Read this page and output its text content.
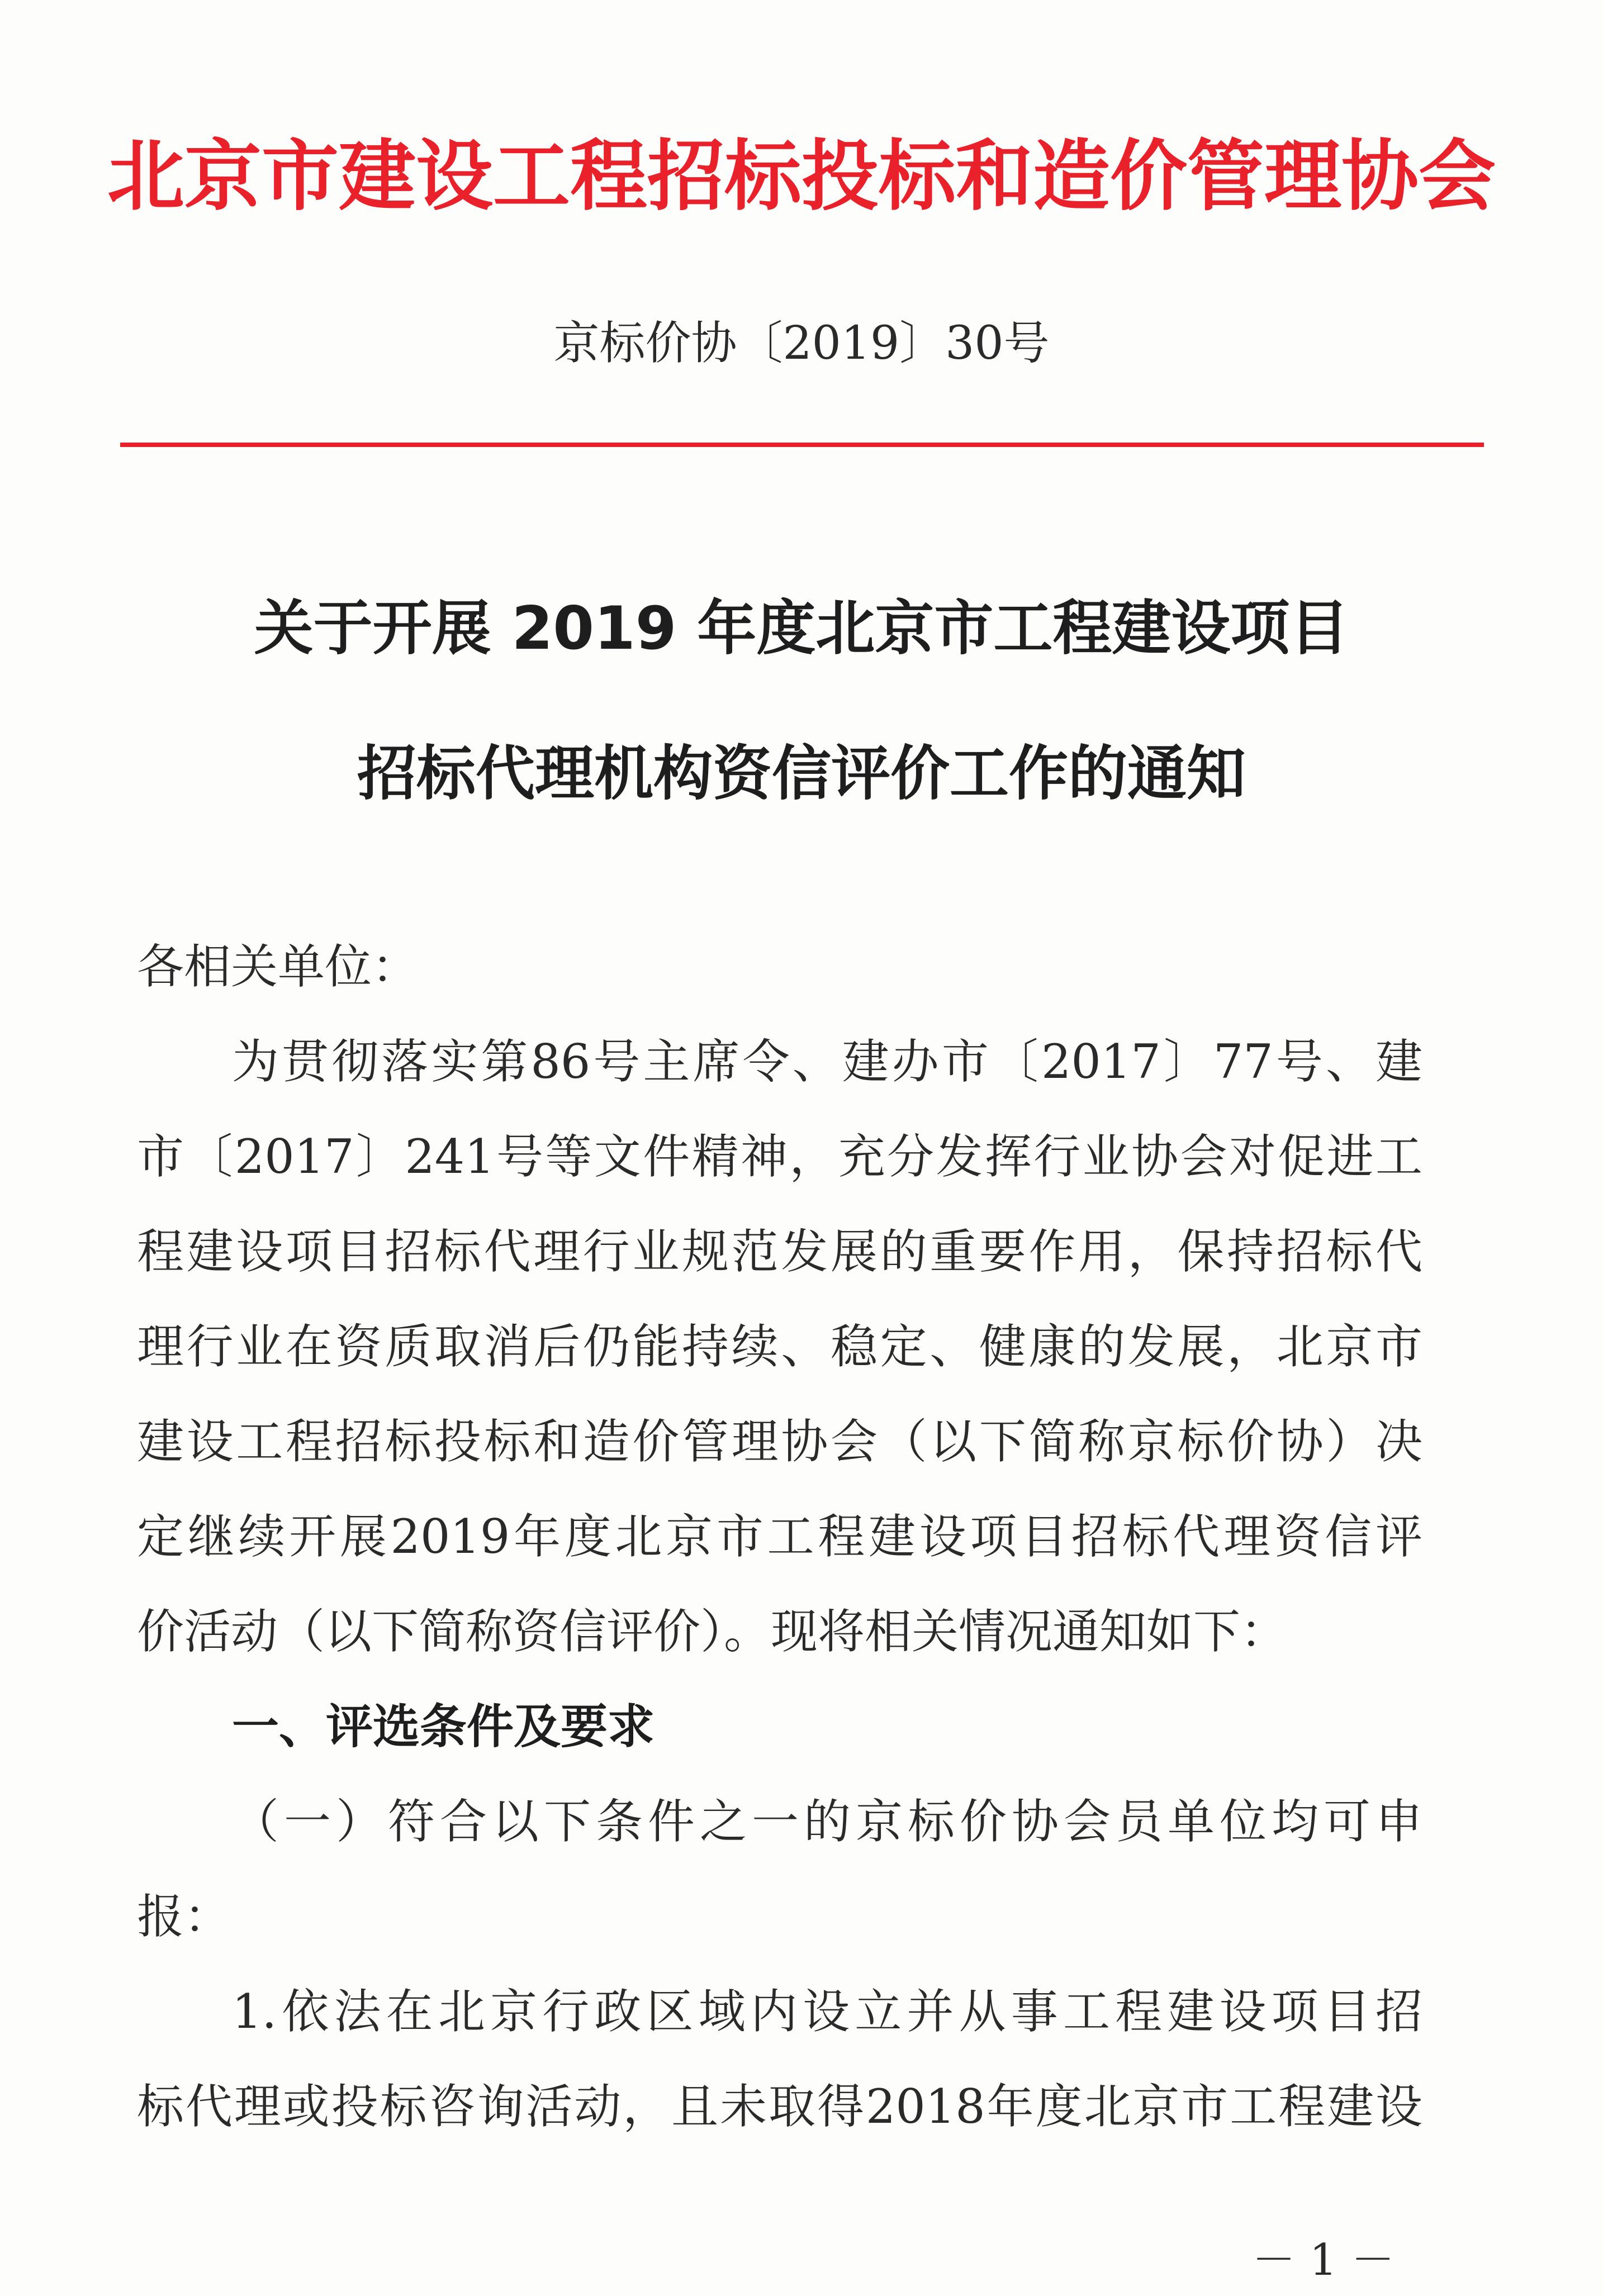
北京市建设工程招标投标和造价管理协会
京标价协〔2019〕30号
关于开展 2019 年度北京市工程建设项目
招标代理机构资信评价工作的通知
各相关单位：
为贯彻落实第86号主席令、建办市〔2017〕77号、建
市〔2017〕241号等文件精神，充分发挥行业协会对促进工
程建设项目招标代理行业规范发展的重要作用，保持招标代
理行业在资质取消后仍能持续、稳定、健康的发展，北京市
建设工程招标投标和造价管理协会（以下简称京标价协）决
定继续开展2019年度北京市工程建设项目招标代理资信评
价活动（以下简称资信评价）。现将相关情况通知如下：
一、评选条件及要求
（一）符合以下条件之一的京标价协会员单位均可申
报：
1.依法在北京行政区域内设立并从事工程建设项目招
标代理或投标咨询活动，且未取得2018年度北京市工程建设
－ 1 －
